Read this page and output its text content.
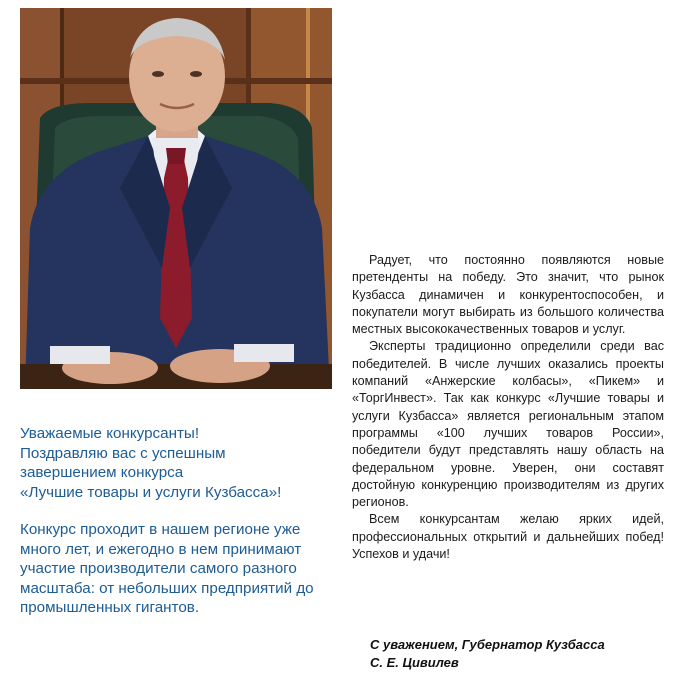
Уважаемые конкурсанты!

Поздравляю вас с успешным

завершением конкурса

«Лучшие товары и услуги Кузбасса»!

Конкурс проходит в нашем регионе уже

много лет, и ежегодно в нем принимают

участие производители самого разного

масштаба: от небольших предприятий до

промышленных гигантов.

Радует, что постоянно появляются новые претенденты на победу. Это значит, что рынок Кузбасса динамичен и конкурентоспособен, и покупатели могут выбирать из большого количества местных высококачественных товаров и услуг.

Эксперты традиционно определили среди вас победителей. В числе лучших оказались проекты компаний «Анжерские колбасы», «Пикем» и «ТоргИнвест». Так как конкурс «Лучшие товары и услуги Кузбасса» является региональным этапом программы «100 лучших товаров России», победители будут представлять нашу область на федеральном уровне. Уверен, они составят достойную конкуренцию производителям из других регионов.

Всем конкурсантам желаю ярких идей, профессиональных открытий и дальнейших побед! Успехов и удачи!

С уважением, Губернатор Кузбасса
С. Е. Цивилев
